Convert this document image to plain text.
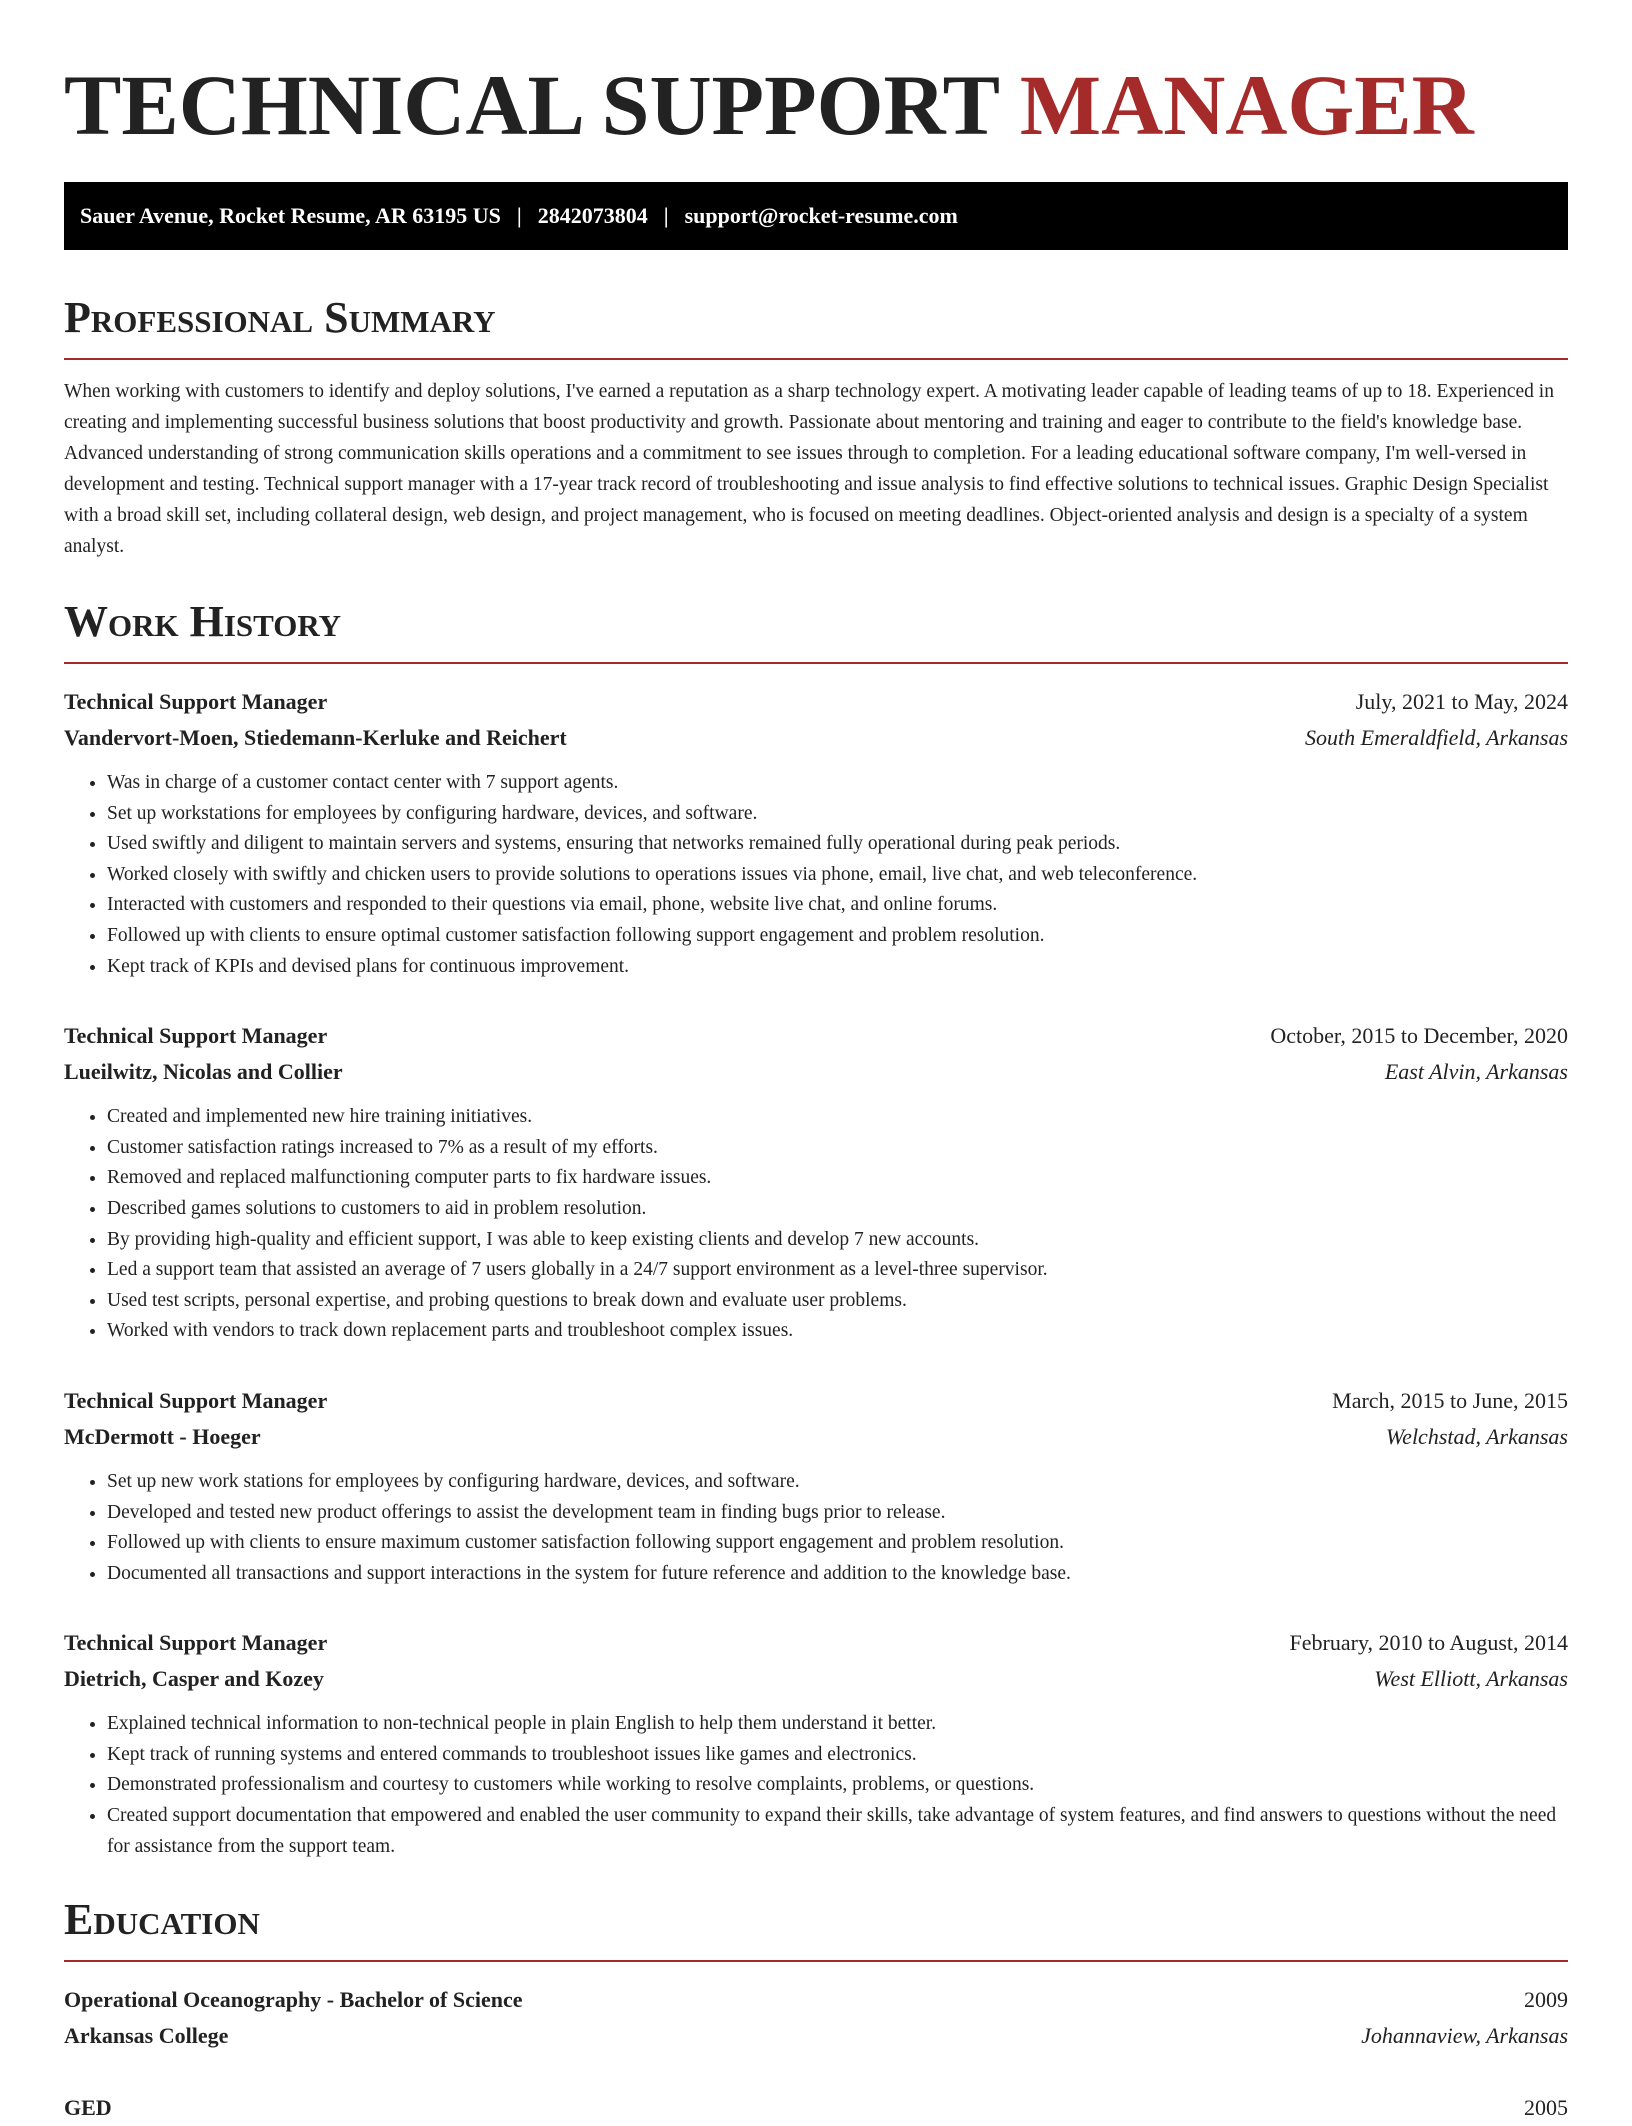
TECHNICAL SUPPORT MANAGER
Sauer Avenue, Rocket Resume, AR 63195 US | 2842073804 | support@rocket-resume.com
Professional Summary

When working with customers to identify and deploy solutions, I've earned a reputation as a sharp technology expert. A motivating leader capable of leading teams of up to 18. Experienced in creating and implementing successful business solutions that boost productivity and growth. Passionate about mentoring and training and eager to contribute to the field's knowledge base. Advanced understanding of strong communication skills operations and a commitment to see issues through to completion. For a leading educational software company, I'm well-versed in development and testing. Technical support manager with a 17-year track record of troubleshooting and issue analysis to find effective solutions to technical issues. Graphic Design Specialist with a broad skill set, including collateral design, web design, and project management, who is focused on meeting deadlines. Object-oriented analysis and design is a specialty of a system analyst.

Work History
Technical Support Manager	July, 2021 to May, 2024
Vandervort-Moen, Stiedemann-Kerluke and Reichert	South Emeraldfield, Arkansas
• Was in charge of a customer contact center with 7 support agents.
• Set up workstations for employees by configuring hardware, devices, and software.
• Used swiftly and diligent to maintain servers and systems, ensuring that networks remained fully operational during peak periods.
• Worked closely with swiftly and chicken users to provide solutions to operations issues via phone, email, live chat, and web teleconference.
• Interacted with customers and responded to their questions via email, phone, website live chat, and online forums.
• Followed up with clients to ensure optimal customer satisfaction following support engagement and problem resolution.
• Kept track of KPIs and devised plans for continuous improvement.
Technical Support Manager	October, 2015 to December, 2020
Lueilwitz, Nicolas and Collier	East Alvin, Arkansas
• Created and implemented new hire training initiatives.
• Customer satisfaction ratings increased to 7% as a result of my efforts.
• Removed and replaced malfunctioning computer parts to fix hardware issues.
• Described games solutions to customers to aid in problem resolution.
• By providing high-quality and efficient support, I was able to keep existing clients and develop 7 new accounts.
• Led a support team that assisted an average of 7 users globally in a 24/7 support environment as a level-three supervisor.
• Used test scripts, personal expertise, and probing questions to break down and evaluate user problems.
• Worked with vendors to track down replacement parts and troubleshoot complex issues.
Technical Support Manager	March, 2015 to June, 2015
McDermott - Hoeger	Welchstad, Arkansas
• Set up new work stations for employees by configuring hardware, devices, and software.
• Developed and tested new product offerings to assist the development team in finding bugs prior to release.
• Followed up with clients to ensure maximum customer satisfaction following support engagement and problem resolution.
• Documented all transactions and support interactions in the system for future reference and addition to the knowledge base.
Technical Support Manager	February, 2010 to August, 2014
Dietrich, Casper and Kozey	West Elliott, Arkansas
• Explained technical information to non-technical people in plain English to help them understand it better.
• Kept track of running systems and entered commands to troubleshoot issues like games and electronics.
• Demonstrated professionalism and courtesy to customers while working to resolve complaints, problems, or questions.
• Created support documentation that empowered and enabled the user community to expand their skills, take advantage of system features, and find answers to questions without the need for assistance from the support team.
Education
Operational Oceanography - Bachelor of Science	2009
Arkansas College	Johannaview, Arkansas
GED	2005
